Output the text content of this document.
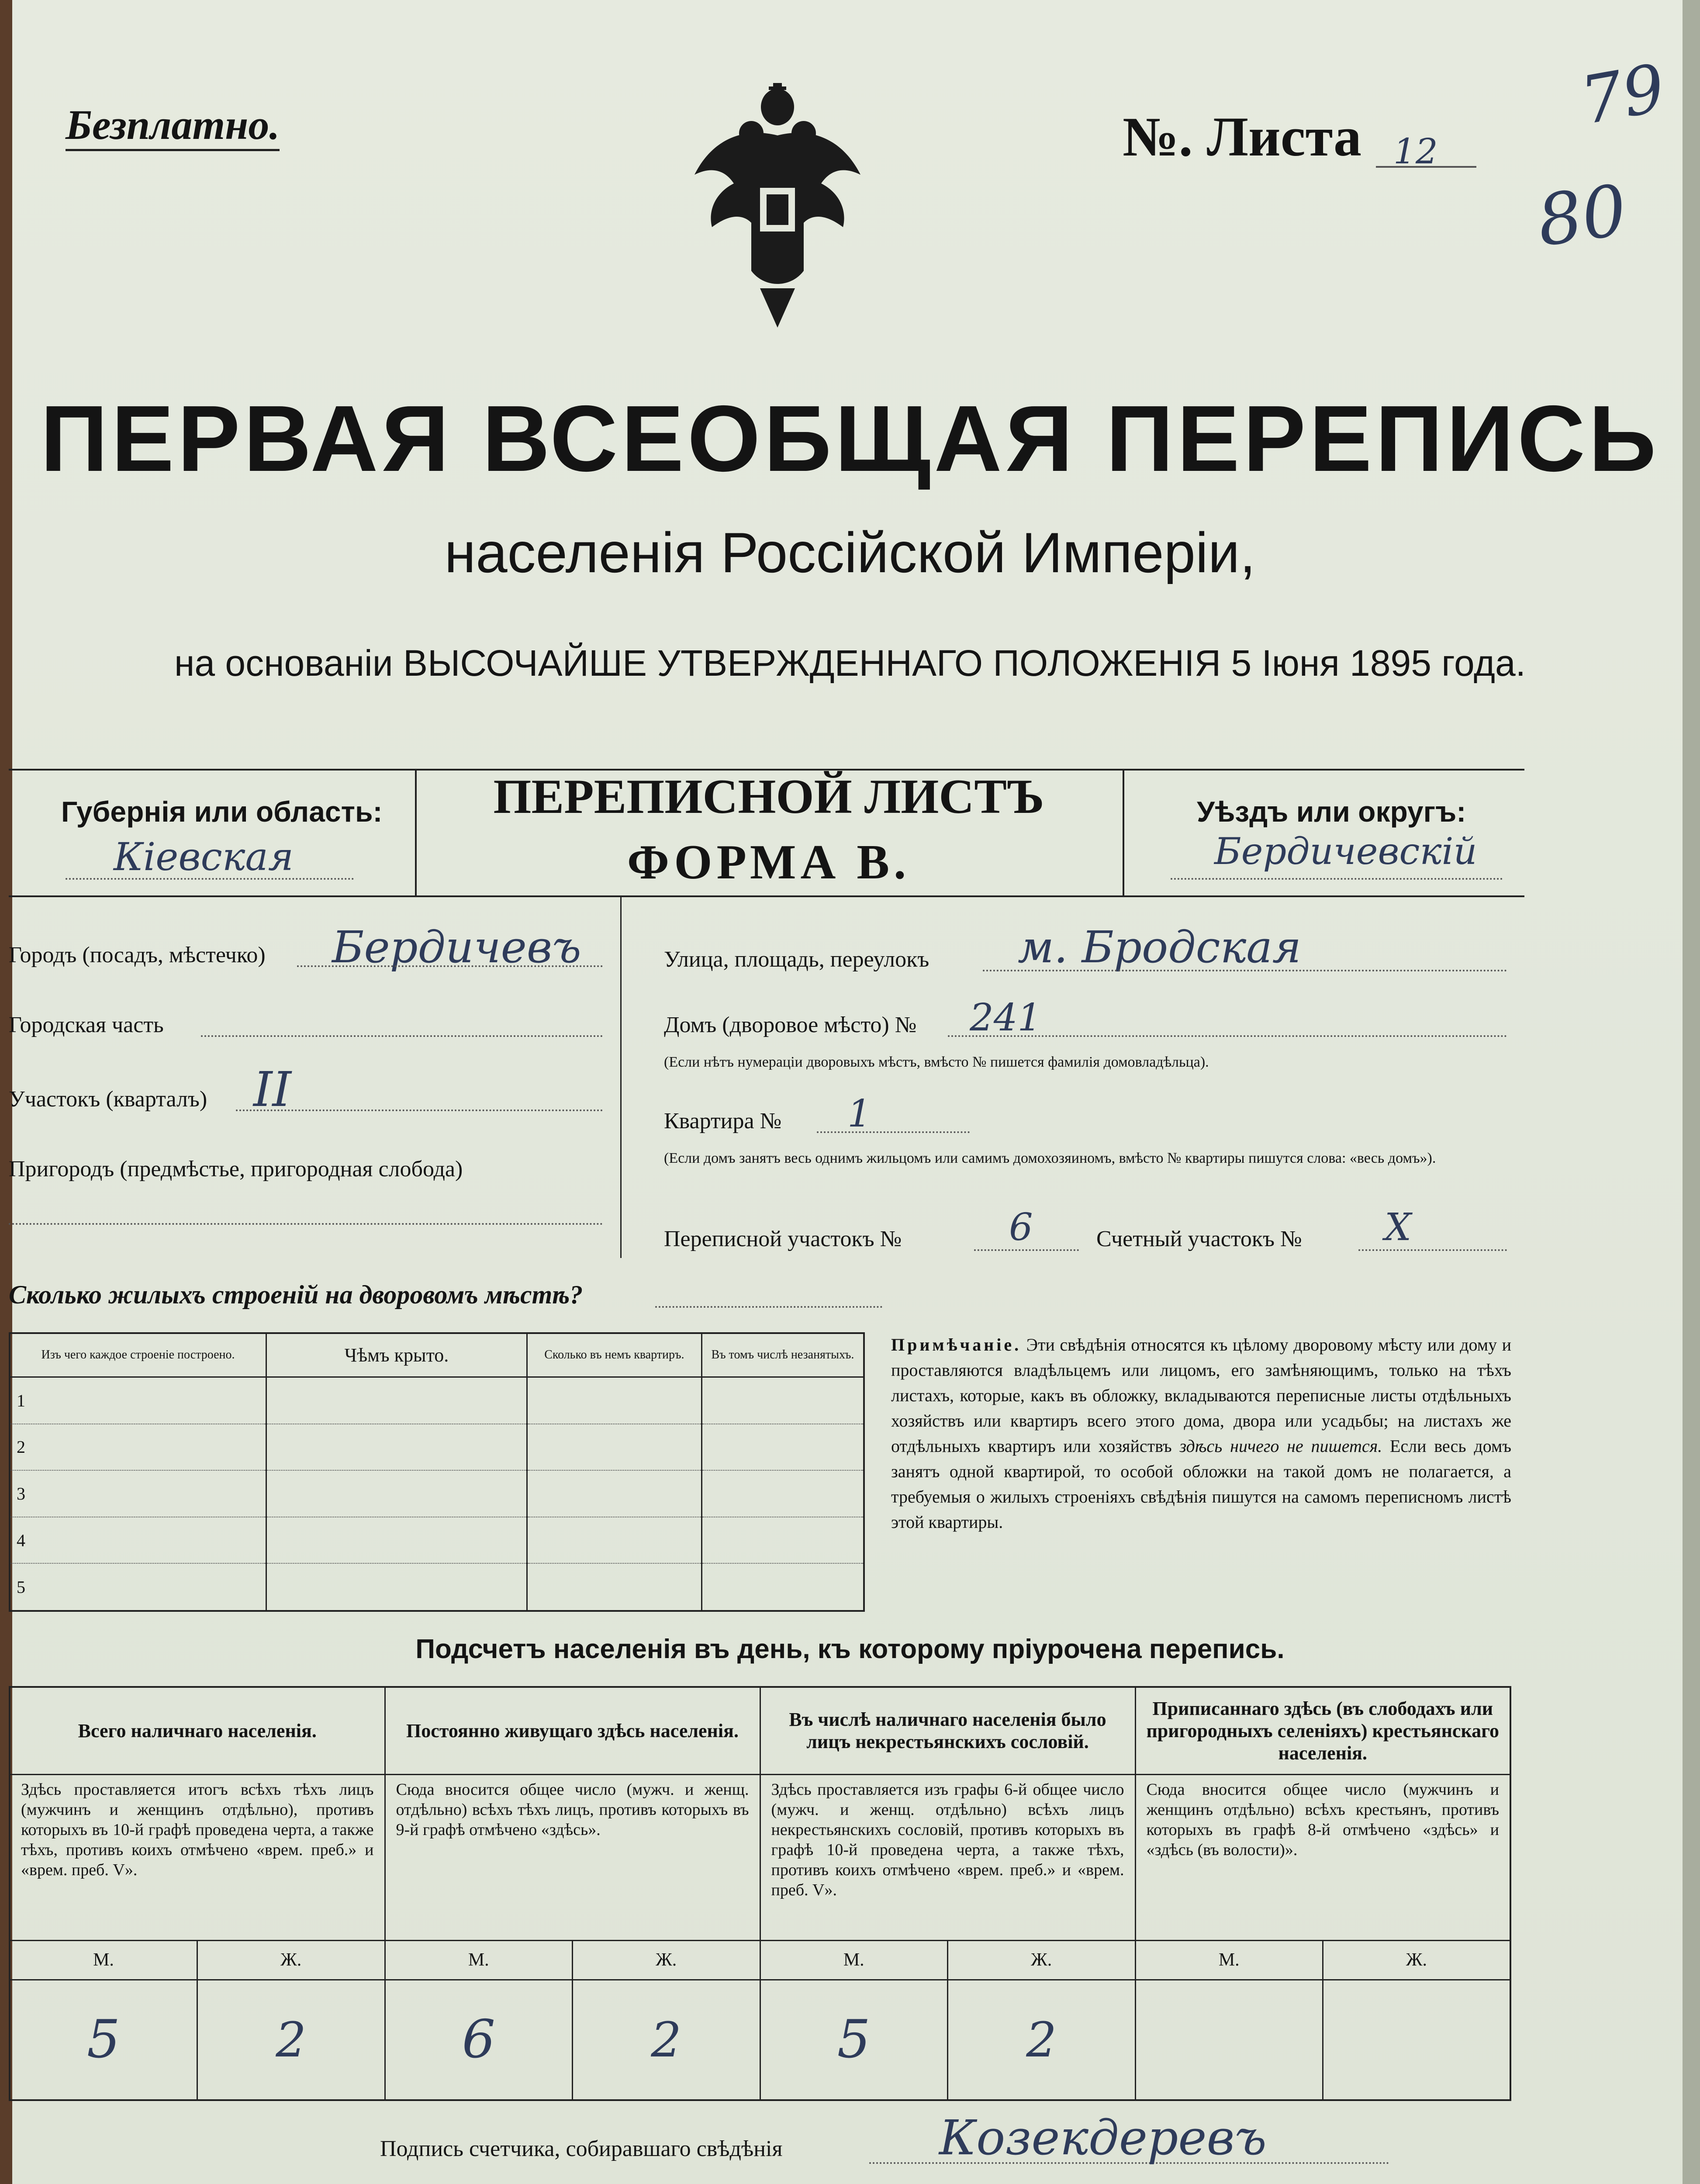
Безплатно.	№. Листа 12
79
80
ПЕРВАЯ ВСЕОБЩАЯ ПЕРЕПИСЬ
населенія Россійской Имперіи,
на основаніи ВЫСОЧАЙШЕ УТВЕРЖДЕННАГО ПОЛОЖЕНІЯ 5 Іюня 1895 года.
Губернія или область:
Кіевская
ПЕРЕПИСНОЙ ЛИСТЪ
ФОРМА В.
Уѣздъ или округъ:
Бердичевскій
Городъ (посадъ, мѣстечко) Бердичевъ
Городская часть
Участокъ (кварталъ) II
Пригородъ (предмѣстье, пригородная слобода)
Улица, площадь, переулокъ м. Бродская
Домъ (дворовое мѣсто) № 241
(Если нѣтъ нумераціи дворовыхъ мѣстъ, вмѣсто № пишется фамилія домовладѣльца).
Квартира № 1
(Если домъ занятъ весь однимъ жильцомъ или самимъ домохозяиномъ, вмѣсто № квартиры пишутся слова: «весь домъ»).
Переписной участокъ №	6	Счетный участокъ № X
Сколько жилыхъ строеній на дворовомъ мѣстѣ?
Изъ чего каждое строеніе построено.	Чѣмъ крыто.	Сколько въ немъ квартиръ.	Въ томъ числѣ незанятыхъ.
1			
2			
3			
4			
5			
Примѣчаніе. Эти свѣдѣнія относятся къ цѣлому дворовому мѣсту или дому и проставляются владѣльцемъ или лицомъ, его замѣняющимъ, только на тѣхъ листахъ, которые, какъ въ обложку, вкладываются переписные листы отдѣльныхъ хозяйствъ или квартиръ всего этого дома, двора или усадьбы; на листахъ же отдѣльныхъ квартиръ или хозяйствъ здѣсь ничего не пишется. Если весь домъ занятъ одной квартирой, то особой обложки на такой домъ не полагается, а требуемыя о жилыхъ строеніяхъ свѣдѣнія пишутся на самомъ переписномъ листѣ этой квартиры.
Подсчетъ населенія въ день, къ которому пріурочена перепись.
Всего наличнаго населенія.		Постоянно живущаго здѣсь населенія.		Въ числѣ наличнаго населенія было лицъ некрестьянскихъ сословій.		Приписаннаго здѣсь (въ слободахъ или пригородныхъ селеніяхъ) крестьянскаго населенія.	
Здѣсь проставляется итогъ всѣхъ тѣхъ лицъ (мужчинъ и женщинъ отдѣльно), противъ которыхъ въ 10-й графѣ проведена черта, а также тѣхъ, противъ коихъ отмѣчено «врем. преб.» и «врем. преб. V».		Сюда вносится общее число (мужч. и женщ. отдѣльно) всѣхъ тѣхъ лицъ, противъ которыхъ въ 9-й графѣ отмѣчено «здѣсь».		Здѣсь проставляется изъ графы 6-й общее число (мужч. и женщ. отдѣльно) всѣхъ лицъ некрестьянскихъ сословій, противъ которыхъ въ графѣ 10-й проведена черта, а также тѣхъ, противъ коихъ отмѣчено «врем. преб.» и «врем. преб. V».		Сюда вносится общее число (мужчинъ и женщинъ отдѣльно) всѣхъ крестьянъ, противъ которыхъ въ графѣ 8-й отмѣчено «здѣсь» и «здѣсь (въ волости)».	
М.	Ж.	М.	Ж.	М.	Ж.	М.	Ж.
5	2	6	2	5	2		
Подпись счетчика, собиравшаго свѣдѣнія	Козекдеревъ
